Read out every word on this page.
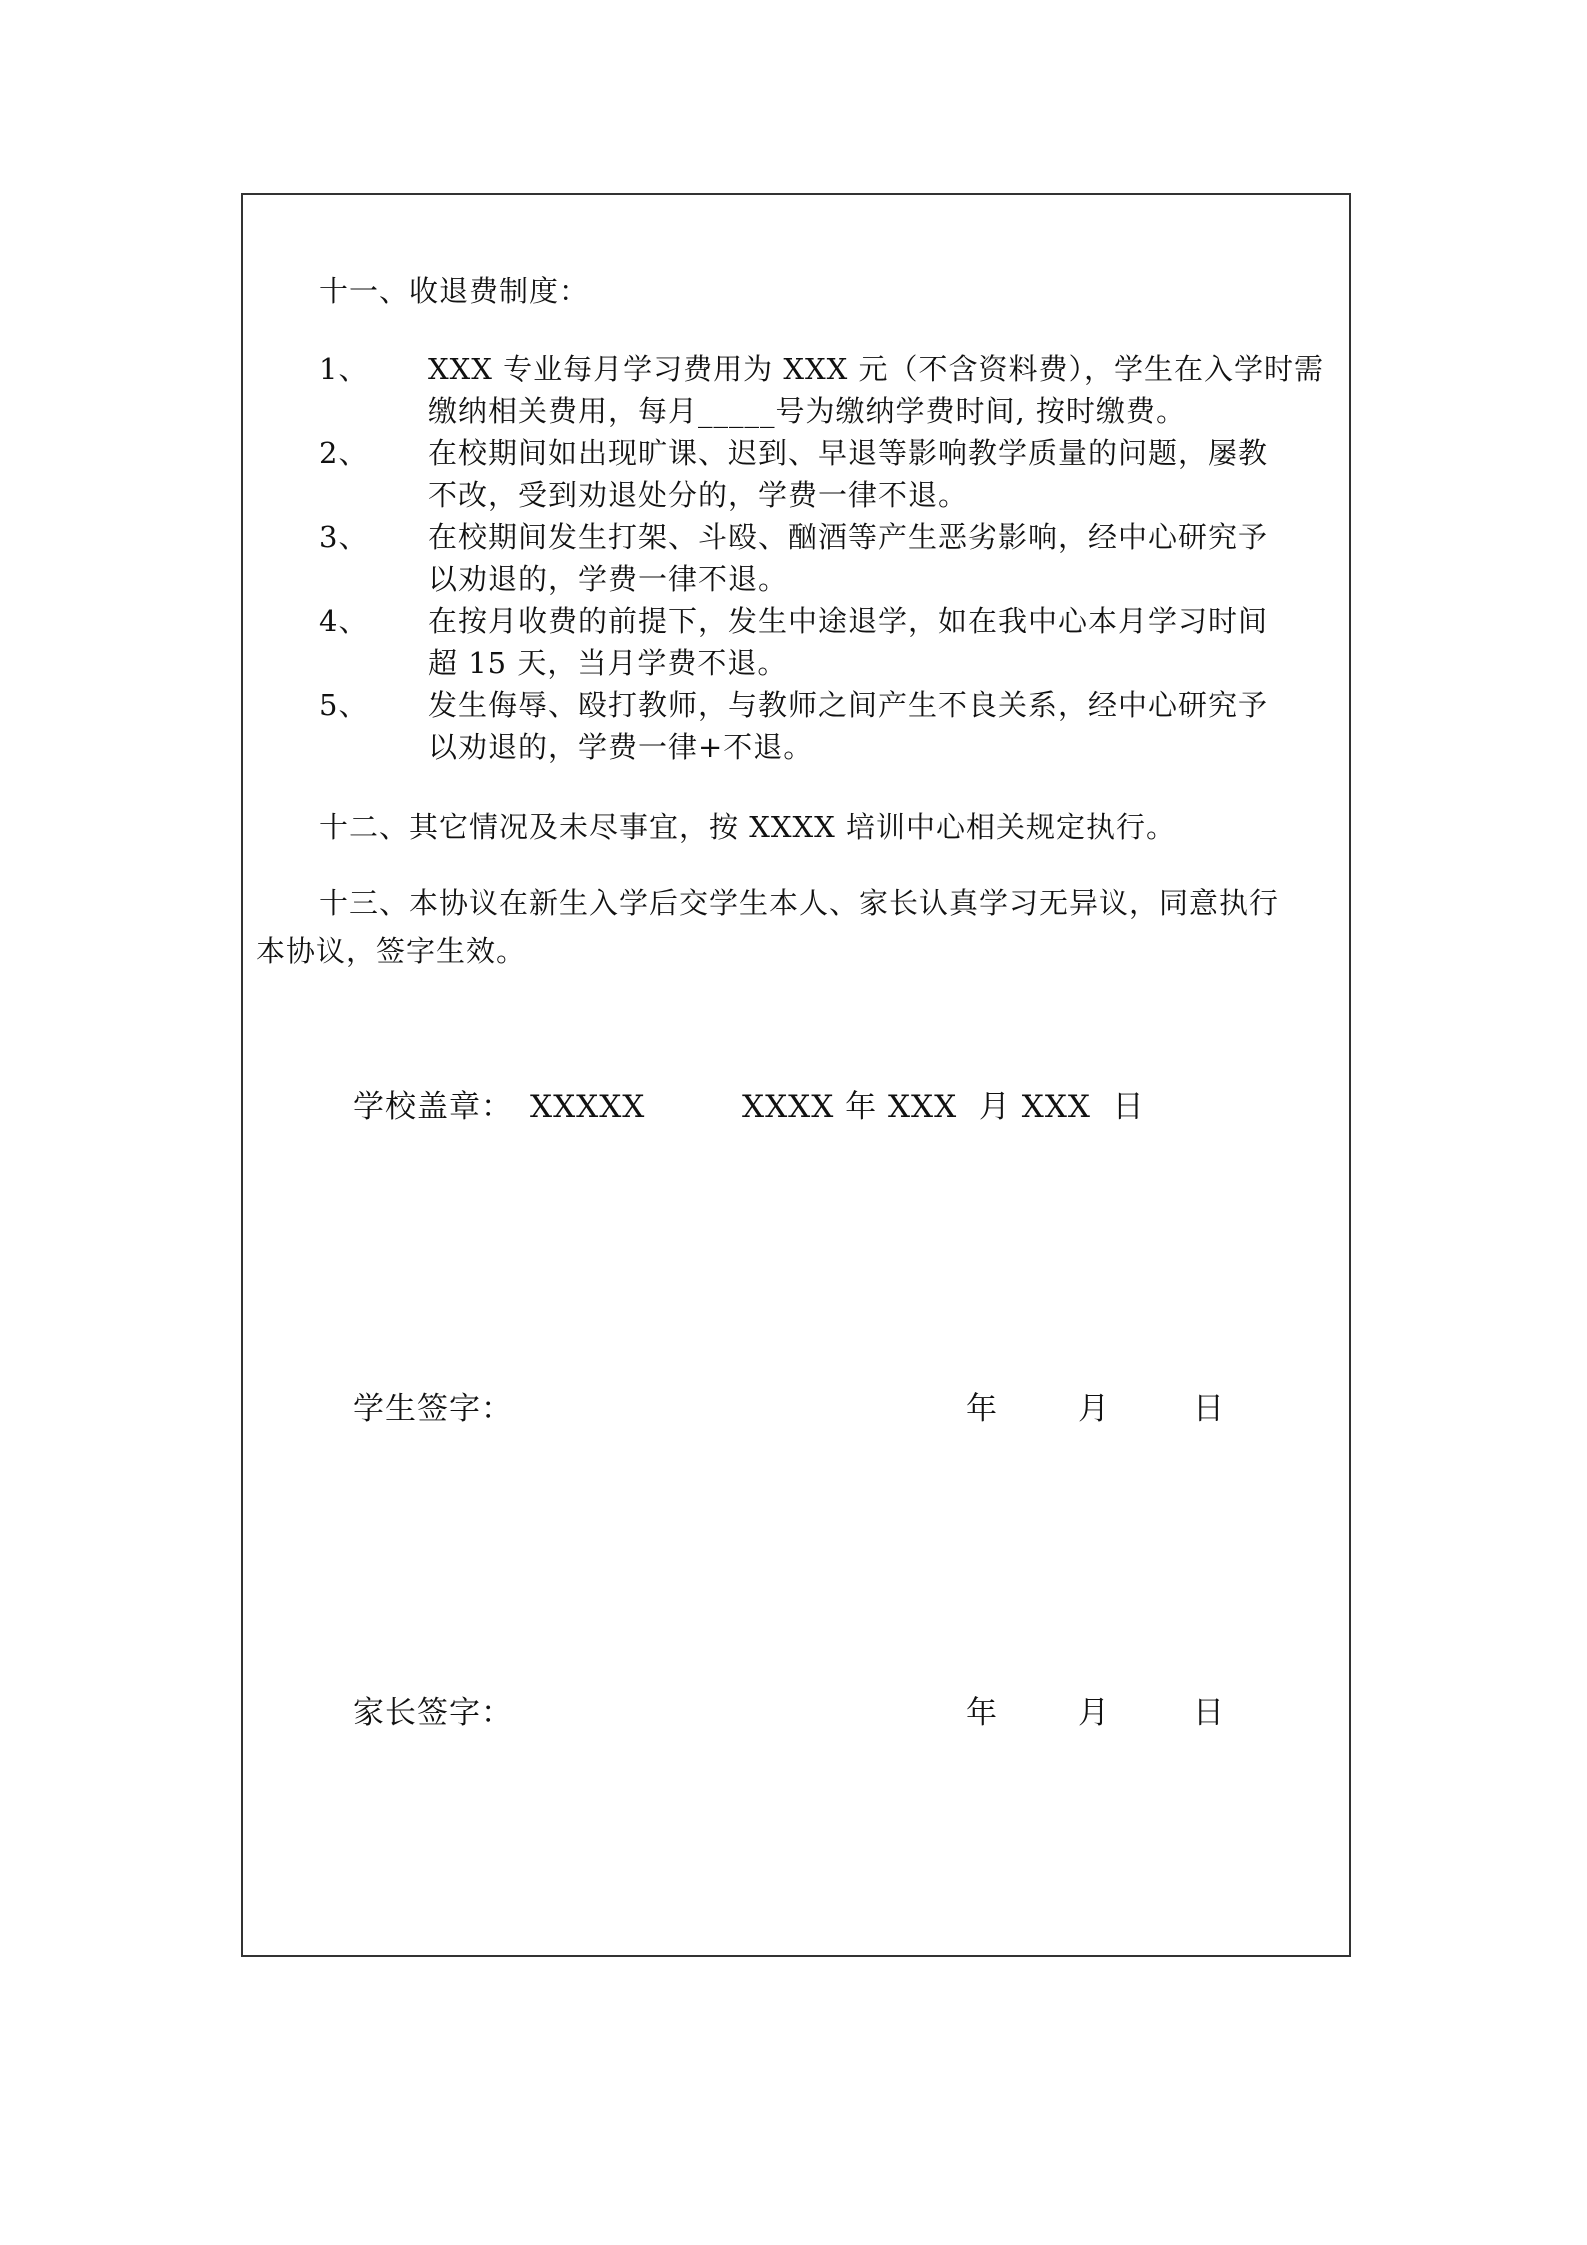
十一、收退费制度：
1、 XXX 专业每月学习费用为 XXX 元（不含资料费），学生在入学时需
缴纳相关费用，每月_____号为缴纳学费时间, 按时缴费。
2、 在校期间如出现旷课、迟到、早退等影响教学质量的问题，屡教
不改，受到劝退处分的，学费一律不退。
3、 在校期间发生打架、斗殴、酗酒等产生恶劣影响，经中心研究予
以劝退的，学费一律不退。
4、 在按月收费的前提下，发生中途退学，如在我中心本月学习时间
超 15 天，当月学费不退。
5、 发生侮辱、殴打教师，与教师之间产生不良关系，经中心研究予
以劝退的，学费一律+不退。
十二、其它情况及未尽事宜，按 XXXX 培训中心相关规定执行。
十三、本协议在新生入学后交学生本人、家长认真学习无异议，同意执行
本协议，签字生效。
学校盖章： XXXXX	XXXX 年 XXX  月 XXX  日
学生签字：	年	月	日
家长签字：	年	月	日
